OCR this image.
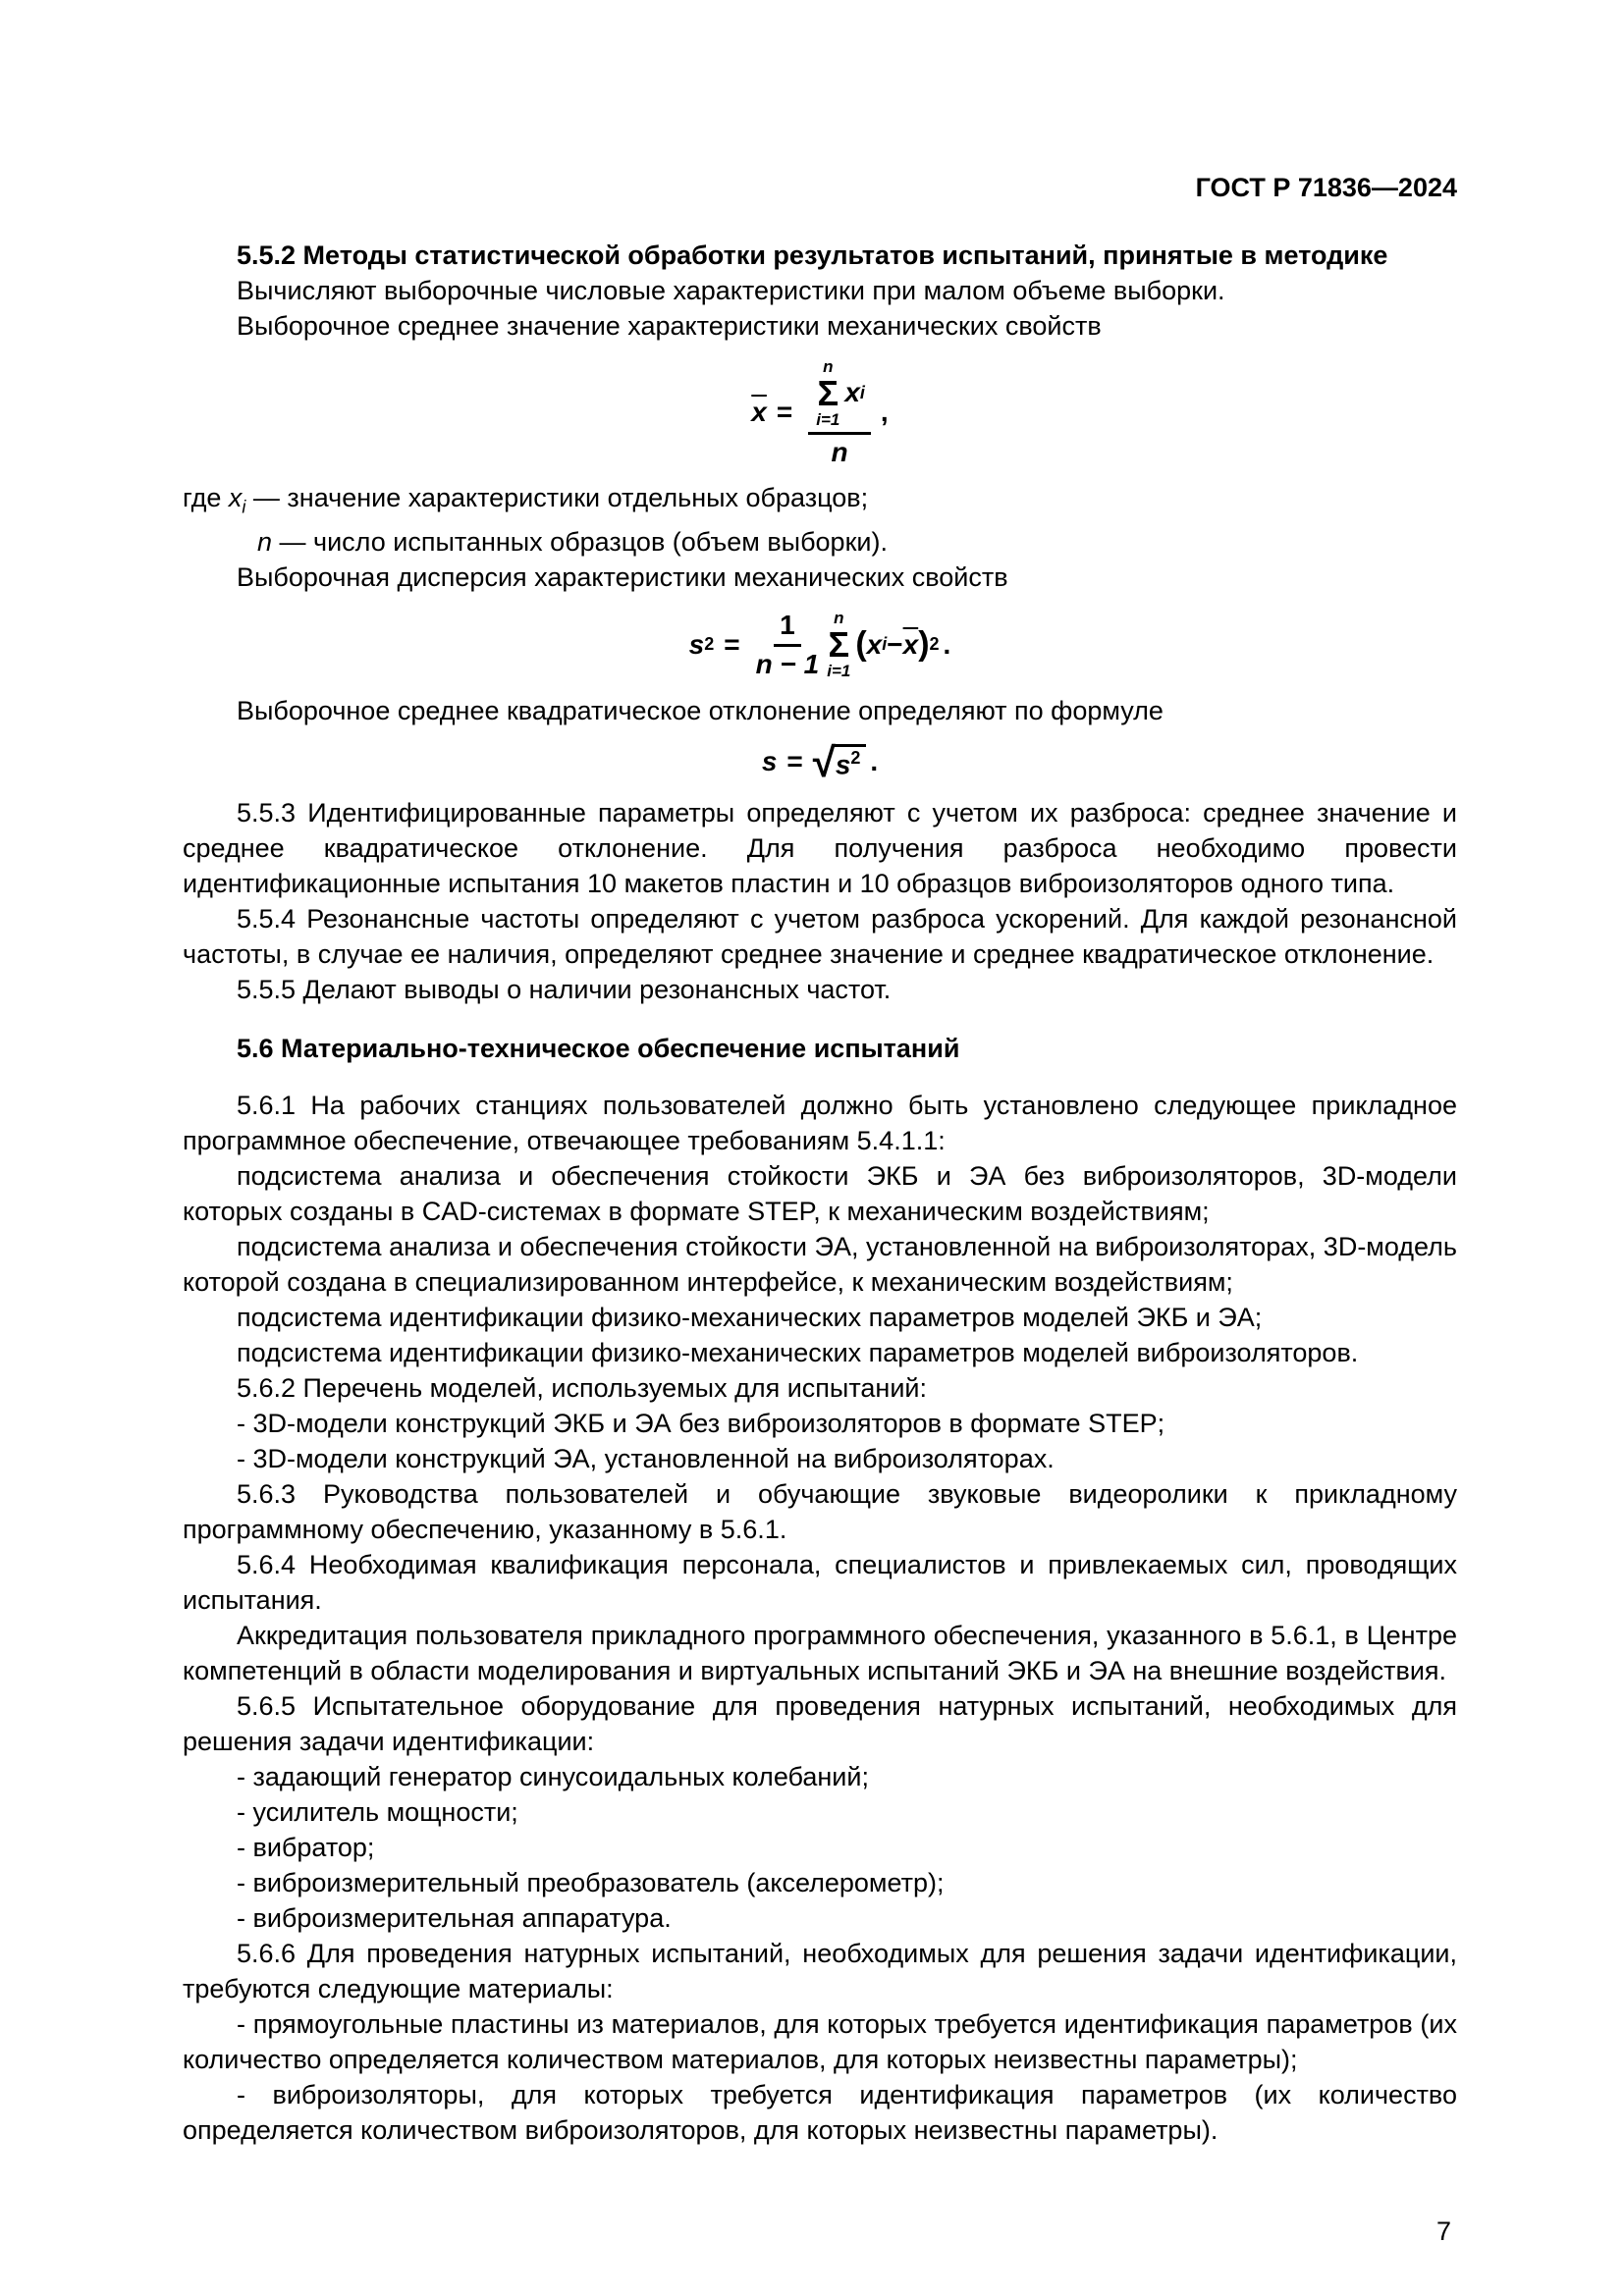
ГОСТ Р 71836—2024

5.5.2 Методы статистической обработки результатов испытаний, принятые в методике

Вычисляют выборочные числовые характеристики при малом объеме выборки.

Выборочное среднее значение характеристики механических свойств

$\overline{x} = n$
Σ
i=1
x i
n ,

где $x_i$ — значение характеристики отдельных образцов;

n — число испытанных образцов (объем выборки).

Выборочная дисперсия характеристики механических свойств

s $2 = \frac{1}{n - 1}$ n
Σ
i=1
( x $i - \overline{x}$ ) 2 .

Выборочное среднее квадратическое отклонение определяют по формуле

s = √ $s^2$ .

5.5.3 Идентифицированные параметры определяют с учетом их разброса: среднее значение и среднее квадратическое отклонение. Для получения разброса необходимо провести идентификационные испытания 10 макетов пластин и 10 образцов виброизоляторов одного типа.

5.5.4 Резонансные частоты определяют с учетом разброса ускорений. Для каждой резонансной частоты, в случае ее наличия, определяют среднее значение и среднее квадратическое отклонение.

5.5.5 Делают выводы о наличии резонансных частот.

5.6 Материально-техническое обеспечение испытаний

5.6.1 На рабочих станциях пользователей должно быть установлено следующее прикладное программное обеспечение, отвечающее требованиям 5.4.1.1:

подсистема анализа и обеспечения стойкости ЭКБ и ЭА без виброизоляторов, 3D-модели которых созданы в CAD-системах в формате STEP, к механическим воздействиям;

подсистема анализа и обеспечения стойкости ЭА, установленной на виброизоляторах, 3D-модель которой создана в специализированном интерфейсе, к механическим воздействиям;

подсистема идентификации физико-механических параметров моделей ЭКБ и ЭА;

подсистема идентификации физико-механических параметров моделей виброизоляторов.

5.6.2 Перечень моделей, используемых для испытаний:

- 3D-модели конструкций ЭКБ и ЭА без виброизоляторов в формате STEP;

- 3D-модели конструкций ЭА, установленной на виброизоляторах.

5.6.3 Руководства пользователей и обучающие звуковые видеоролики к прикладному программному обеспечению, указанному в 5.6.1.

5.6.4 Необходимая квалификация персонала, специалистов и привлекаемых сил, проводящих испытания.

Аккредитация пользователя прикладного программного обеспечения, указанного в 5.6.1, в Центре компетенций в области моделирования и виртуальных испытаний ЭКБ и ЭА на внешние воздействия.

5.6.5 Испытательное оборудование для проведения натурных испытаний, необходимых для решения задачи идентификации:

- задающий генератор синусоидальных колебаний;

- усилитель мощности;

- вибратор;

- виброизмерительный преобразователь (акселерометр);

- виброизмерительная аппаратура.

5.6.6 Для проведения натурных испытаний, необходимых для решения задачи идентификации, требуются следующие материалы:

- прямоугольные пластины из материалов, для которых требуется идентификация параметров (их количество определяется количеством материалов, для которых неизвестны параметры);

- виброизоляторы, для которых требуется идентификация параметров (их количество определяется количеством виброизоляторов, для которых неизвестны параметры).

7
